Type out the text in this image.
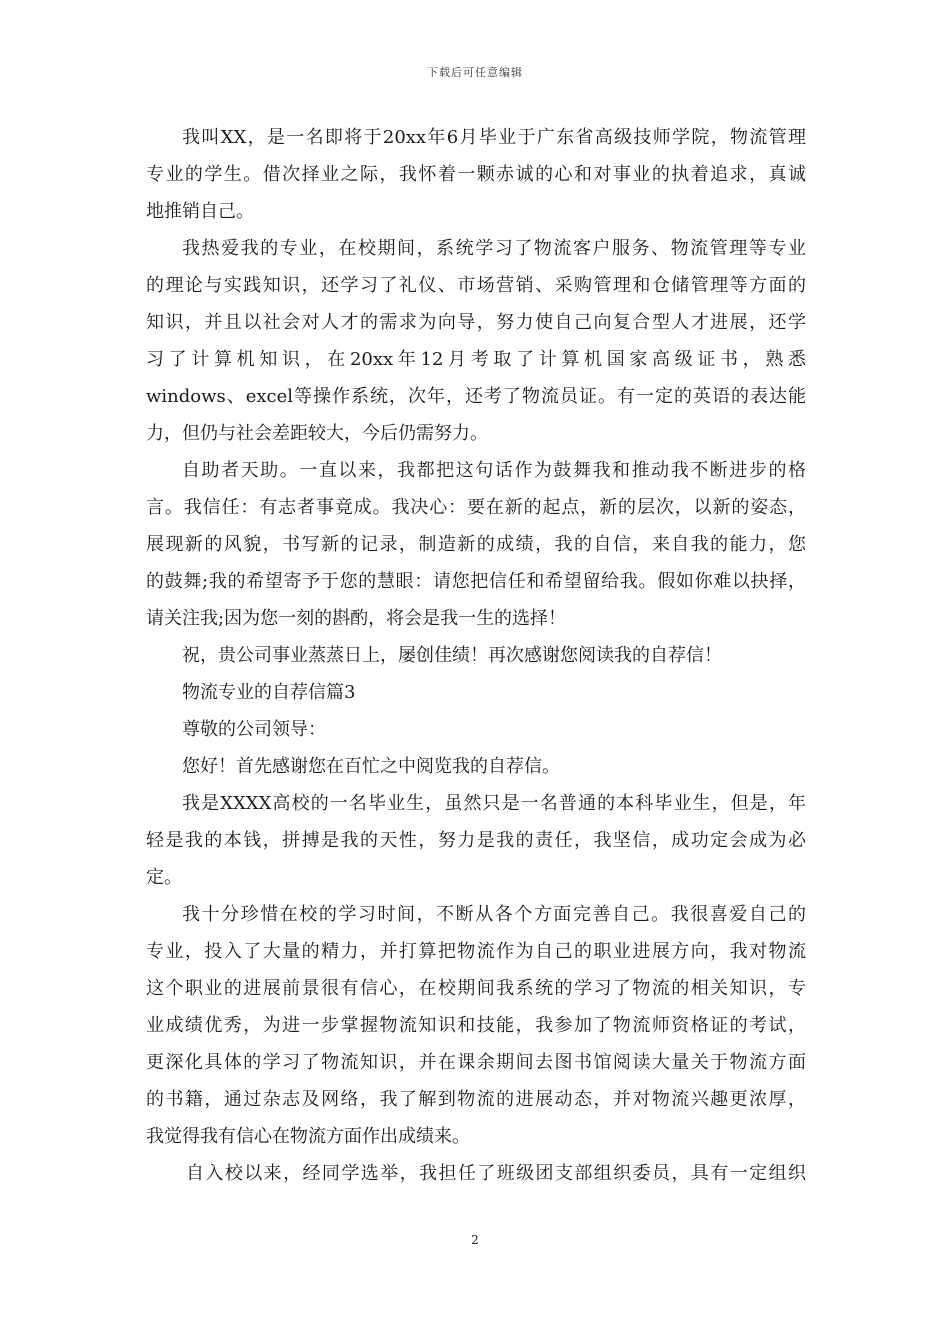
下载后可任意编辑
我叫XX，是一名即将于20xx年6月毕业于广东省高级技师学院，物流管理
专业的学生。借次择业之际，我怀着一颗赤诚的心和对事业的执着追求，真诚
地推销自己。
我热爱我的专业，在校期间，系统学习了物流客户服务、物流管理等专业
的理论与实践知识，还学习了礼仪、市场营销、采购管理和仓储管理等方面的
知识，并且以社会对人才的需求为向导，努力使自己向复合型人才进展，还学
习了计算机知识，在20xx年12月考取了计算机国家高级证书，熟悉
windows、excel等操作系统，次年，还考了物流员证。有一定的英语的表达能
力，但仍与社会差距较大，今后仍需努力。
自助者天助。一直以来，我都把这句话作为鼓舞我和推动我不断进步的格
言。我信任：有志者事竟成。我决心：要在新的起点，新的层次，以新的姿态，
展现新的风貌，书写新的记录，制造新的成绩，我的自信，来自我的能力，您
的鼓舞;我的希望寄予于您的慧眼：请您把信任和希望留给我。假如你难以抉择，
请关注我;因为您一刻的斟酌，将会是我一生的选择！
祝，贵公司事业蒸蒸日上，屡创佳绩！再次感谢您阅读我的自荐信！
物流专业的自荐信篇3
尊敬的公司领导：
您好！首先感谢您在百忙之中阅览我的自荐信。
我是XXXX高校的一名毕业生，虽然只是一名普通的本科毕业生，但是，年
轻是我的本钱，拼搏是我的天性，努力是我的责任，我坚信，成功定会成为必
定。
我十分珍惜在校的学习时间，不断从各个方面完善自己。我很喜爱自己的
专业，投入了大量的精力，并打算把物流作为自己的职业进展方向，我对物流
这个职业的进展前景很有信心，在校期间我系统的学习了物流的相关知识，专
业成绩优秀，为进一步掌握物流知识和技能，我参加了物流师资格证的考试，
更深化具体的学习了物流知识，并在课余期间去图书馆阅读大量关于物流方面
的书籍，通过杂志及网络，我了解到物流的进展动态，并对物流兴趣更浓厚，
我觉得我有信心在物流方面作出成绩来。
自入校以来，经同学选举，我担任了班级团支部组织委员，具有一定组织
2
